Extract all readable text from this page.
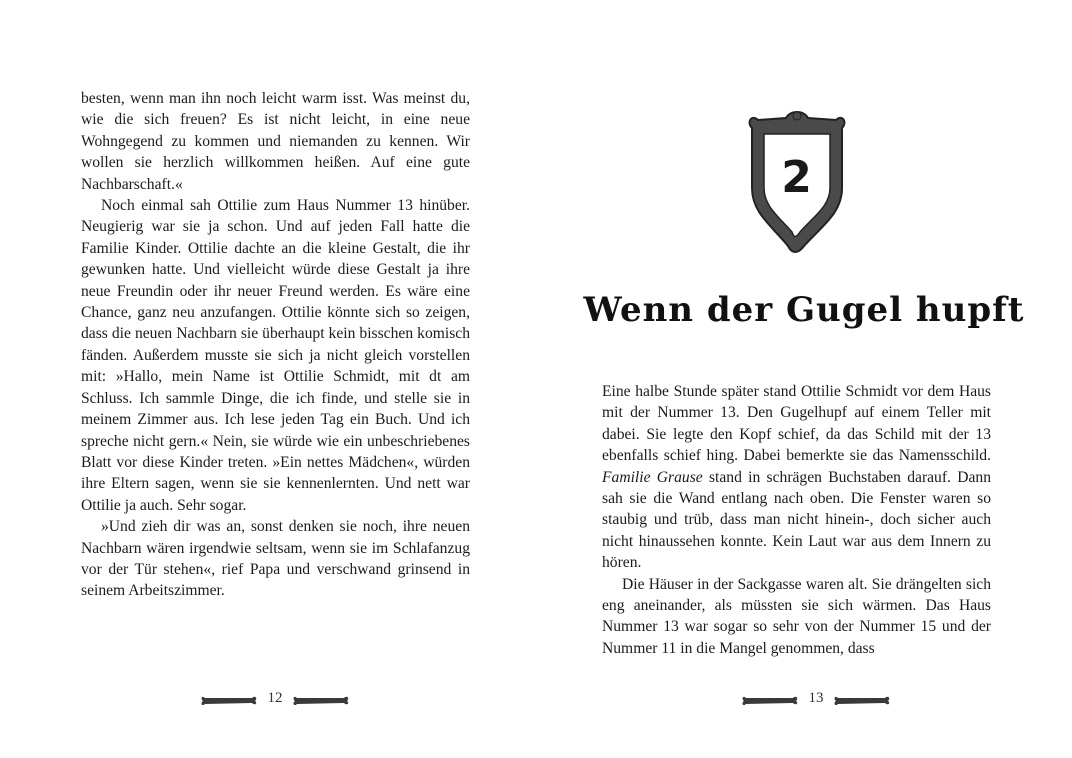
besten, wenn man ihn noch leicht warm isst. Was meinst du, wie die sich freuen? Es ist nicht leicht, in eine neue Wohngegend zu kommen und niemanden zu kennen. Wir wollen sie herzlich willkommen heißen. Auf eine gute Nachbarschaft.«

Noch einmal sah Ottilie zum Haus Nummer 13 hinüber. Neugierig war sie ja schon. Und auf jeden Fall hatte die Familie Kinder. Ottilie dachte an die kleine Gestalt, die ihr gewunken hatte. Und vielleicht würde diese Gestalt ja ihre neue Freundin oder ihr neuer Freund werden. Es wäre eine Chance, ganz neu anzufangen. Ottilie könnte sich so zeigen, dass die neuen Nachbarn sie überhaupt kein bisschen komisch fänden. Außerdem musste sie sich ja nicht gleich vorstellen mit: »Hallo, mein Name ist Ottilie Schmidt, mit dt am Schluss. Ich sammle Dinge, die ich finde, und stelle sie in meinem Zimmer aus. Ich lese jeden Tag ein Buch. Und ich spreche nicht gern.« Nein, sie würde wie ein unbeschriebenes Blatt vor diese Kinder treten. »Ein nettes Mädchen«, würden ihre Eltern sagen, wenn sie sie kennenlernten. Und nett war Ottilie ja auch. Sehr sogar.

»Und zieh dir was an, sonst denken sie noch, ihre neuen Nachbarn wären irgendwie seltsam, wenn sie im Schlafanzug vor der Tür stehen«, rief Papa und verschwand grinsend in seinem Arbeitszimmer.

12
2
Wenn der Gugel hupft

Eine halbe Stunde später stand Ottilie Schmidt vor dem Haus mit der Nummer 13. Den Gugelhupf auf einem Teller mit dabei. Sie legte den Kopf schief, da das Schild mit der 13 ebenfalls schief hing. Dabei bemerkte sie das Namensschild. Familie Grause stand in schrägen Buchstaben darauf. Dann sah sie die Wand entlang nach oben. Die Fenster waren so staubig und trüb, dass man nicht hinein-, doch sicher auch nicht hinaussehen konnte. Kein Laut war aus dem Innern zu hören.

Die Häuser in der Sackgasse waren alt. Sie drängelten sich eng aneinander, als müssten sie sich wärmen. Das Haus Nummer 13 war sogar so sehr von der Nummer 15 und der Nummer 11 in die Mangel genommen, dass

13
